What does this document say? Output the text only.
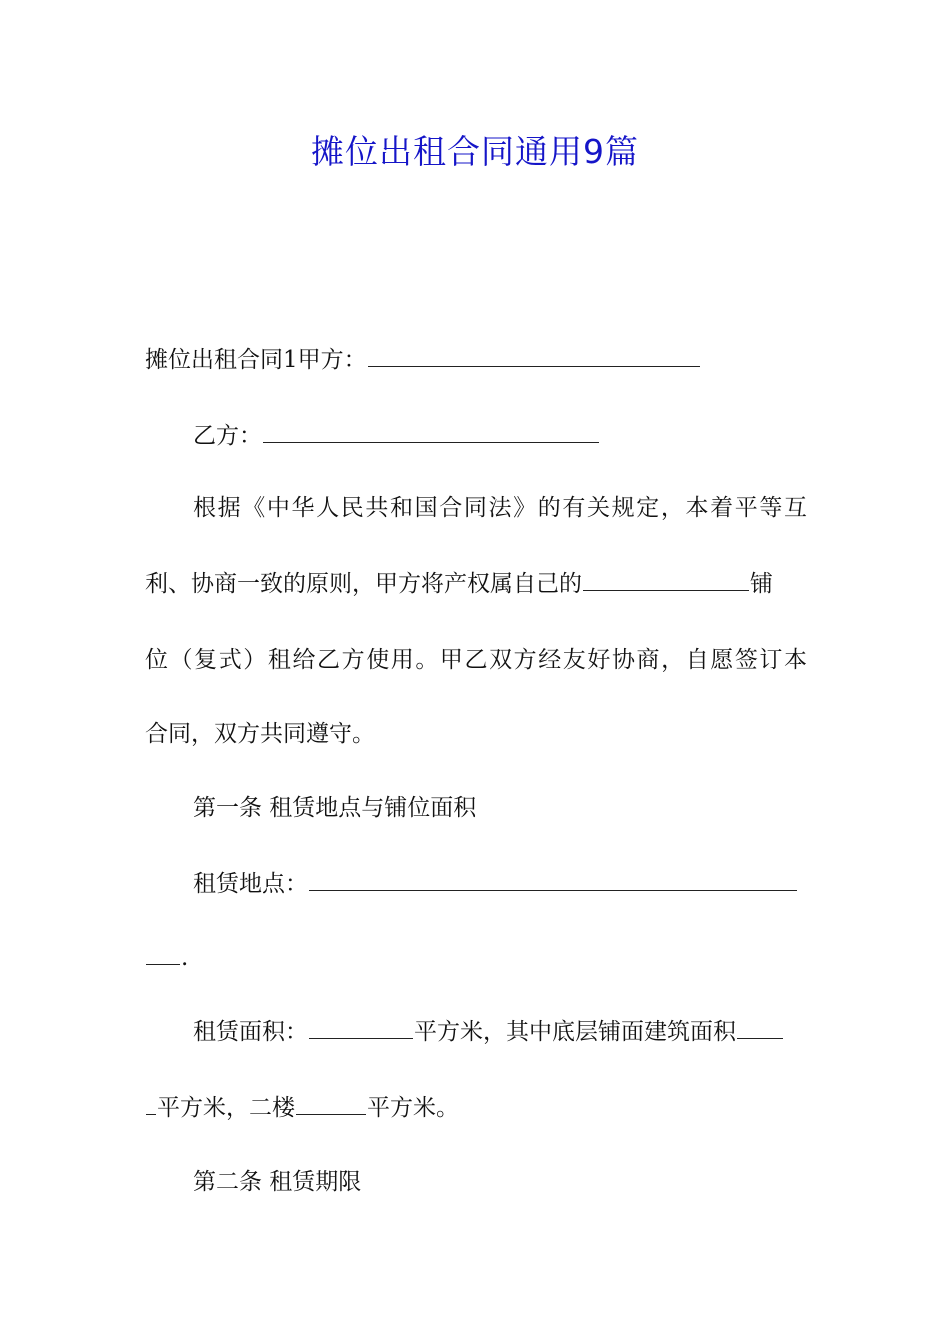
摊位出租合同通用9篇
摊位出租合同1甲方：
乙方：
根据《中华人民共和国合同法》的有关规定，本着平等互
利、协商一致的原则，甲方将产权属自己的	铺
位（复式）租给乙方使用。甲乙双方经友好协商，自愿签订本
合同，双方共同遵守。
第一条 租赁地点与铺位面积
租赁地点：
.
租赁面积：	平方米，其中底层铺面建筑面积
平方米，二楼	平方米。
第二条 租赁期限
